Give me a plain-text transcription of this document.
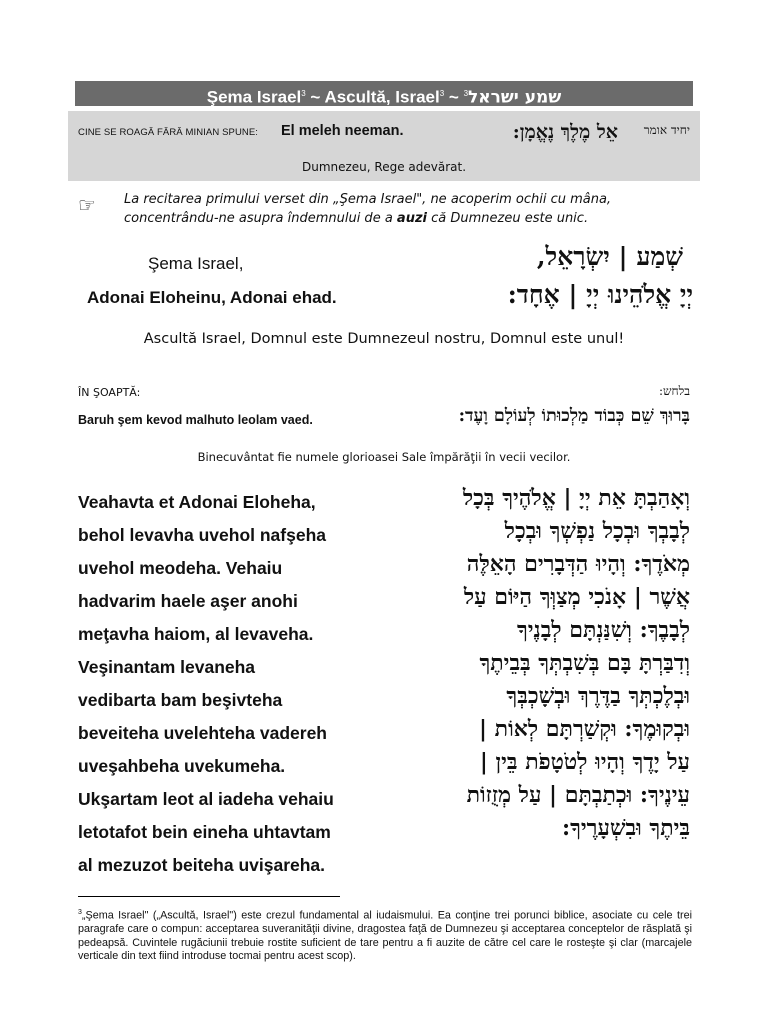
Şema Israel$^3$ ~ Ascultă, Israel$^3$ ~ $^3$שמע ישראל
CINE SE ROAGĂ FĂRĂ MINIAN SPUNE: El meleh neeman.	אֵל מֶלֶךְ נֶאֱמָן: יחיד אומר
Dumnezeu, Rege adevărat.
☞ La recitarea primului verset din „Şema Israel", ne acoperim ochii cu mâna, concentrându-ne asupra îndemnului de a auzi că Dumnezeu este unic.
Şema Israel,
Adonai Eloheinu, Adonai ehad.
שְׁמַע | יִשְׂרָאֵל,
יְיָ אֱלֹהֵינוּ יְיָ | אֶחָד:
Ascultă Israel, Domnul este Dumnezeul nostru, Domnul este unul!
ÎN ŞOAPTĂ:	בלחש:
Baruh şem kevod malhuto leolam vaed.	בָּרוּךְ שֵׁם כְּבוֹד מַלְכוּתוֹ לְעוֹלָם וָעֶד:
Binecuvântat fie numele glorioasei Sale împărăţii în vecii vecilor.
Veahavta et Adonai Eloheha,
behol levavha uvehol nafşeha
uvehol meodeha. Vehaiu
hadvarim haele aşer anohi
meţavha haiom, al levaveha.
Veşinantam levaneha
vedibarta bam beşivteha
beveiteha uvelehteha vadereh
uveşahbeha uvekumeha.
Ukşartam leot al iadeha vehaiu
letotafot bein eineha uhtavtam
al mezuzot beiteha uvişareha.
וְאָהַבְתָּ אֵת יְיָ | אֱלֹהֶיךָ בְּכָל
לְבָבְךָ וּבְכָל נַפְשְׁךָ וּבְכָל
מְאֹדֶךָ: וְהָיוּ הַדְּבָרִים הָאֵלֶּה
אֲשֶׁר | אָנֹכִי מְצַוְּךָ הַיּוֹם עַל
לְבָבֶךָ: וְשִׁנַּנְתָּם לְבָנֶיךָ
וְדִבַּרְתָּ בָּם בְּשִׁבְתְּךָ בְּבֵיתֶךָ
וּבְלֶכְתְּךָ בַדֶּרֶךְ וּבְשָׁכְבְּךָ
וּבְקוּמֶךָ: וּקְשַׁרְתָּם לְאוֹת |
עַל יָדֶךָ וְהָיוּ לְטֹטָפֹת בֵּין |
עֵינֶיךָ: וּכְתַבְתָּם | עַל מְזֻזוֹת
בֵּיתֶךָ וּבִשְׁעָרֶיךָ:
$^3$„Şema Israel" („Ascultă, Israel") este crezul fundamental al iudaismului. Ea conţine trei porunci biblice, asociate cu cele trei paragrafe care o compun: acceptarea suveranităţii divine, dragostea faţă de Dumnezeu şi acceptarea conceptelor de răsplată şi pedeapsă. Cuvintele rugăciunii trebuie rostite suficient de tare pentru a fi auzite de către cel care le rosteşte şi clar (marcajele verticale din text fiind introduse tocmai pentru acest scop).
